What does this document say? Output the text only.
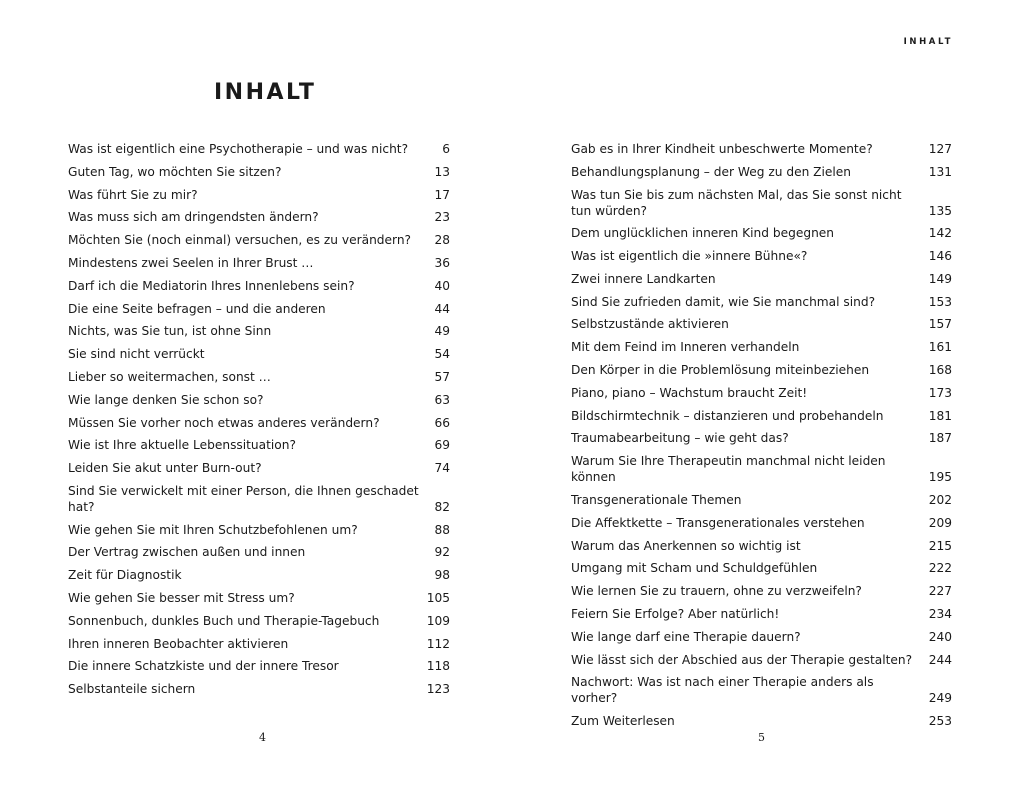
INHALT
Was ist eigentlich eine Psychotherapie – und was nicht?	6
Guten Tag, wo möchten Sie sitzen?	13
Was führt Sie zu mir?	17
Was muss sich am dringendsten ändern?	23
Möchten Sie (noch einmal) versuchen, es zu verändern?	28
Mindestens zwei Seelen in Ihrer Brust …	36
Darf ich die Mediatorin Ihres Innenlebens sein?	40
Die eine Seite befragen – und die anderen	44
Nichts, was Sie tun, ist ohne Sinn	49
Sie sind nicht verrückt	54
Lieber so weitermachen, sonst …	57
Wie lange denken Sie schon so?	63
Müssen Sie vorher noch etwas anderes verändern?	66
Wie ist Ihre aktuelle Lebenssituation?	69
Leiden Sie akut unter Burn-out?	74
Sind Sie verwickelt mit einer Person, die Ihnen geschadet hat?	82
Wie gehen Sie mit Ihren Schutzbefohlenen um?	88
Der Vertrag zwischen außen und innen	92
Zeit für Diagnostik	98
Wie gehen Sie besser mit Stress um?	105
Sonnenbuch, dunkles Buch und Therapie-Tagebuch	109
Ihren inneren Beobachter aktivieren	112
Die innere Schatzkiste und der innere Tresor	118
Selbstanteile sichern	123
4
INHALT
Gab es in Ihrer Kindheit unbeschwerte Momente?	127
Behandlungsplanung – der Weg zu den Zielen	131
Was tun Sie bis zum nächsten Mal, das Sie sonst nicht tun würden?	135
Dem unglücklichen inneren Kind begegnen	142
Was ist eigentlich die »innere Bühne«?	146
Zwei innere Landkarten	149
Sind Sie zufrieden damit, wie Sie manchmal sind?	153
Selbstzustände aktivieren	157
Mit dem Feind im Inneren verhandeln	161
Den Körper in die Problemlösung miteinbeziehen	168
Piano, piano – Wachstum braucht Zeit!	173
Bildschirmtechnik – distanzieren und probehandeln	181
Traumabearbeitung – wie geht das?	187
Warum Sie Ihre Therapeutin manchmal nicht leiden können	195
Transgenerationale Themen	202
Die Affektkette – Transgenerationales verstehen	209
Warum das Anerkennen so wichtig ist	215
Umgang mit Scham und Schuldgefühlen	222
Wie lernen Sie zu trauern, ohne zu verzweifeln?	227
Feiern Sie Erfolge? Aber natürlich!	234
Wie lange darf eine Therapie dauern?	240
Wie lässt sich der Abschied aus der Therapie gestalten?	244
Nachwort: Was ist nach einer Therapie anders als vorher?	249
Zum Weiterlesen	253
5
